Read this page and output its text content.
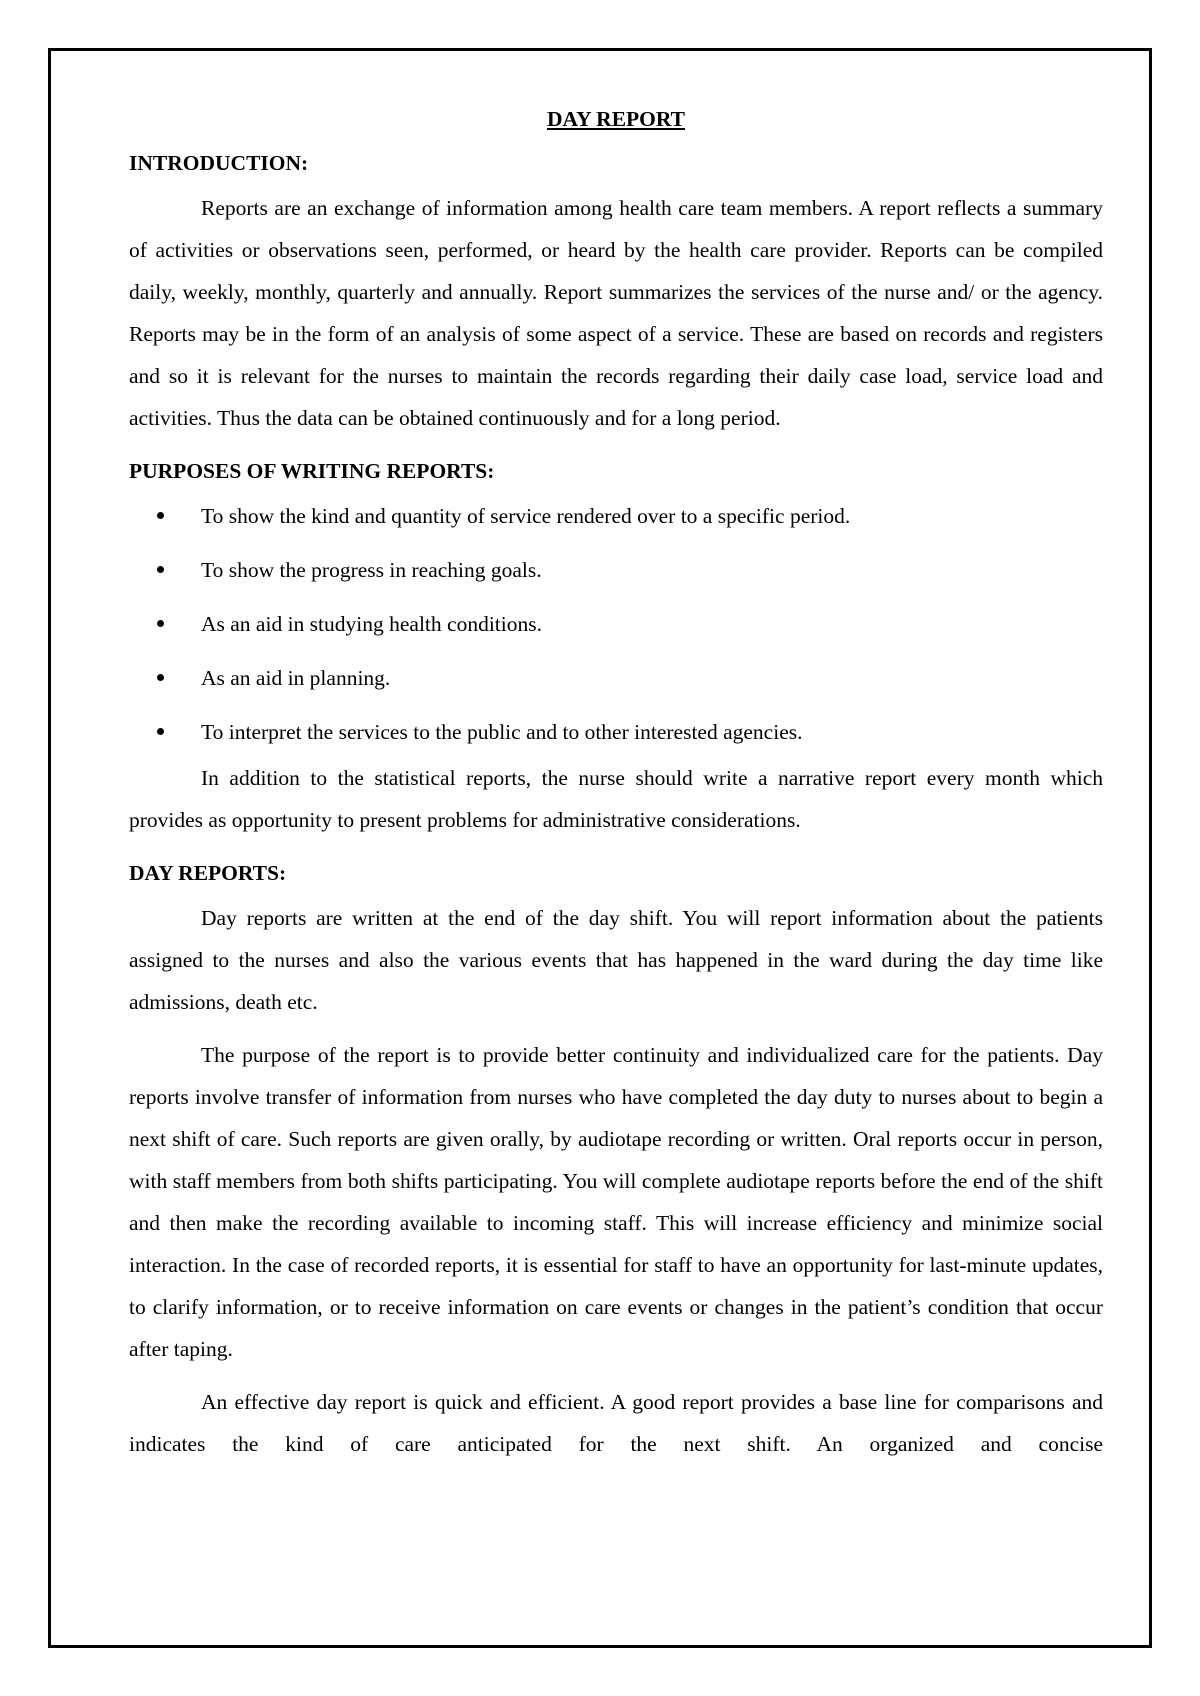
DAY REPORT
INTRODUCTION:

Reports are an exchange of information among health care team members. A report reflects a summary of activities or observations seen, performed, or heard by the health care provider. Reports can be compiled daily, weekly, monthly, quarterly and annually. Report summarizes the services of the nurse and/ or the agency. Reports may be in the form of an analysis of some aspect of a service. These are based on records and registers and so it is relevant for the nurses to maintain the records regarding their daily case load, service load and activities. Thus the data can be obtained continuously and for a long period.

PURPOSES OF WRITING REPORTS:
To show the kind and quantity of service rendered over to a specific period.
To show the progress in reaching goals.
As an aid in studying health conditions.
As an aid in planning.
To interpret the services to the public and to other interested agencies.

In addition to the statistical reports, the nurse should write a narrative report every month which provides as opportunity to present problems for administrative considerations.

DAY REPORTS:

Day reports are written at the end of the day shift. You will report information about the patients assigned to the nurses and also the various events that has happened in the ward during the day time like admissions, death etc.

The purpose of the report is to provide better continuity and individualized care for the patients. Day reports involve transfer of information from nurses who have completed the day duty to nurses about to begin a next shift of care. Such reports are given orally, by audiotape recording or written. Oral reports occur in person, with staff members from both shifts participating. You will complete audiotape reports before the end of the shift and then make the recording available to incoming staff. This will increase efficiency and minimize social interaction. In the case of recorded reports, it is essential for staff to have an opportunity for last-minute updates, to clarify information, or to receive information on care events or changes in the patient’s condition that occur after taping.

An effective day report is quick and efficient. A good report provides a base line for comparisons and indicates the kind of care anticipated for the next shift. An organized and concise
